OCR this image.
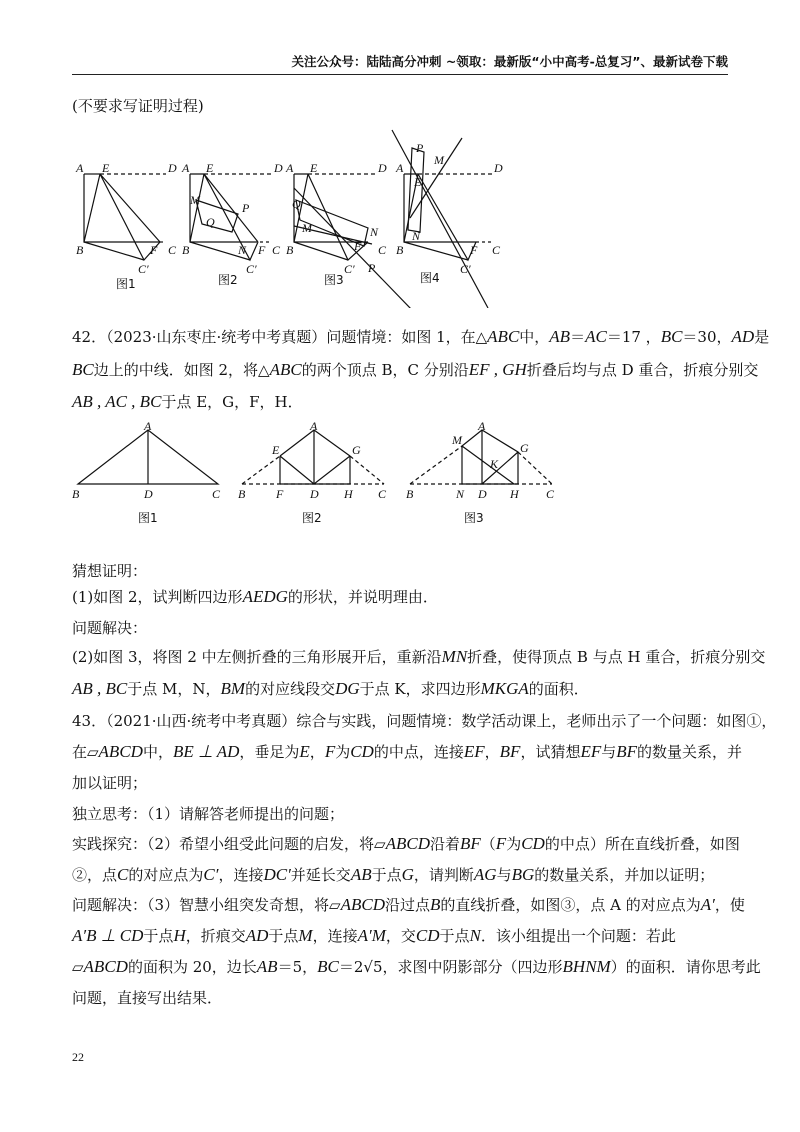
关注公众号：陆陆高分冲刺 ~领取：最新版“小中高考-总复习”、最新试卷下载
(不要求写证明过程)
A E	D
B	F C
C′
A E	D
M
Q
P
B	N F C
C′
A E	D
Q
M
B	F
N
C
C′ P
A
P
M
E
D
B
N
F C
C′
图1	图2	图3	图4
42．（2023·山东枣庄·统考中考真题）问题情境：如图 1，在△ABC中，AB＝AC＝17 ，BC＝30，AD是
BC边上的中线．如图 2，将△ABC的两个顶点 B，C 分别沿EF , GH折叠后均与点 D 重合，折痕分别交
AB , AC , BC于点 E，G，F，H．
A
B	D	C
A
E	G
B	F D H C
A
M
G
K
B	N D H C
图1	图2	图3
猜想证明：
(1)如图 2，试判断四边形AEDG的形状，并说明理由．
问题解决：
(2)如图 3，将图 2 中左侧折叠的三角形展开后，重新沿MN折叠，使得顶点 B 与点 H 重合，折痕分别交
AB , BC于点 M，N，BM的对应线段交DG于点 K，求四边形MKGA的面积．
43．（2021·山西·统考中考真题）综合与实践，问题情境：数学活动课上，老师出示了一个问题：如图①，
在▱ABCD中，BE ⊥ AD，垂足为E，F为CD的中点，连接EF，BF，试猜想EF与BF的数量关系，并
加以证明；
独立思考：（1）请解答老师提出的问题；
实践探究：（2）希望小组受此问题的启发，将▱ABCD沿着BF（F为CD的中点）所在直线折叠，如图
②，点C的对应点为C′，连接DC′并延长交AB于点G，请判断AG与BG的数量关系，并加以证明；
问题解决：（3）智慧小组突发奇想，将▱ABCD沿过点B的直线折叠，如图③，点 A 的对应点为A′，使
A′B ⊥ CD于点H，折痕交AD于点M，连接A′M，交CD于点N．该小组提出一个问题：若此
▱ABCD的面积为 20，边长AB＝5，BC＝2√5，求图中阴影部分（四边形BHNM）的面积．请你思考此
问题，直接写出结果．
22
